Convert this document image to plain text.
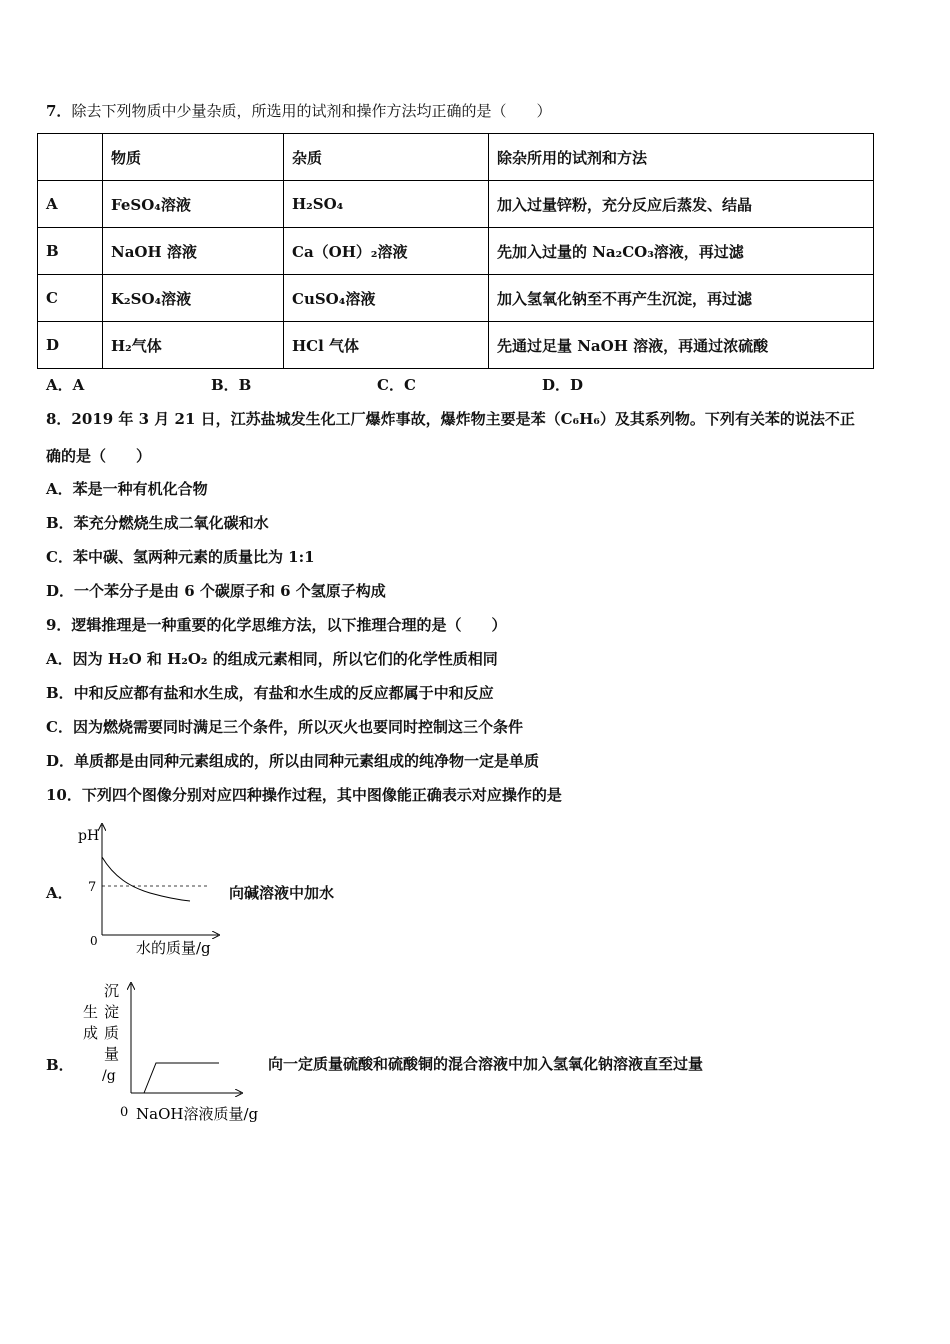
7．除去下列物质中少量杂质，所选用的试剂和操作方法均正确的是（　　）
	物质	杂质	除杂所用的试剂和方法
A	FeSO₄溶液	H₂SO₄	加入过量锌粉，充分反应后蒸发、结晶
B	NaOH 溶液	Ca（OH）₂溶液	先加入过量的 Na₂CO₃溶液，再过滤
C	K₂SO₄溶液	CuSO₄溶液	加入氢氧化钠至不再产生沉淀，再过滤
D	H₂气体	HCl 气体	先通过足量 NaOH 溶液，再通过浓硫酸
A．A	B．B	C．C	D．D
8．2019 年 3 月 21 日，江苏盐城发生化工厂爆炸事故，爆炸物主要是苯（C₆H₆）及其系列物。下列有关苯的说法不正
确的是（　　）
A．苯是一种有机化合物
B．苯充分燃烧生成二氧化碳和水
C．苯中碳、氢两种元素的质量比为 1:1
D．一个苯分子是由 6 个碳原子和 6 个氢原子构成
9．逻辑推理是一种重要的化学思维方法，以下推理合理的是（　　）
A．因为 H₂O 和 H₂O₂ 的组成元素相同，所以它们的化学性质相同
B．中和反应都有盐和水生成，有盐和水生成的反应都属于中和反应
C．因为燃烧需要同时满足三个条件，所以灭火也要同时控制这三个条件
D．单质都是由同种元素组成的，所以由同种元素组成的纯净物一定是单质
10．下列四个图像分别对应四种操作过程，其中图像能正确表示对应操作的是
A．
pH
7
0	水的质量/g
向碱溶液中加水
B．
沉
淀
生
质
成
量
/g
0 NaOH溶液质量/g
向一定质量硫酸和硫酸铜的混合溶液中加入氢氧化钠溶液直至过量
